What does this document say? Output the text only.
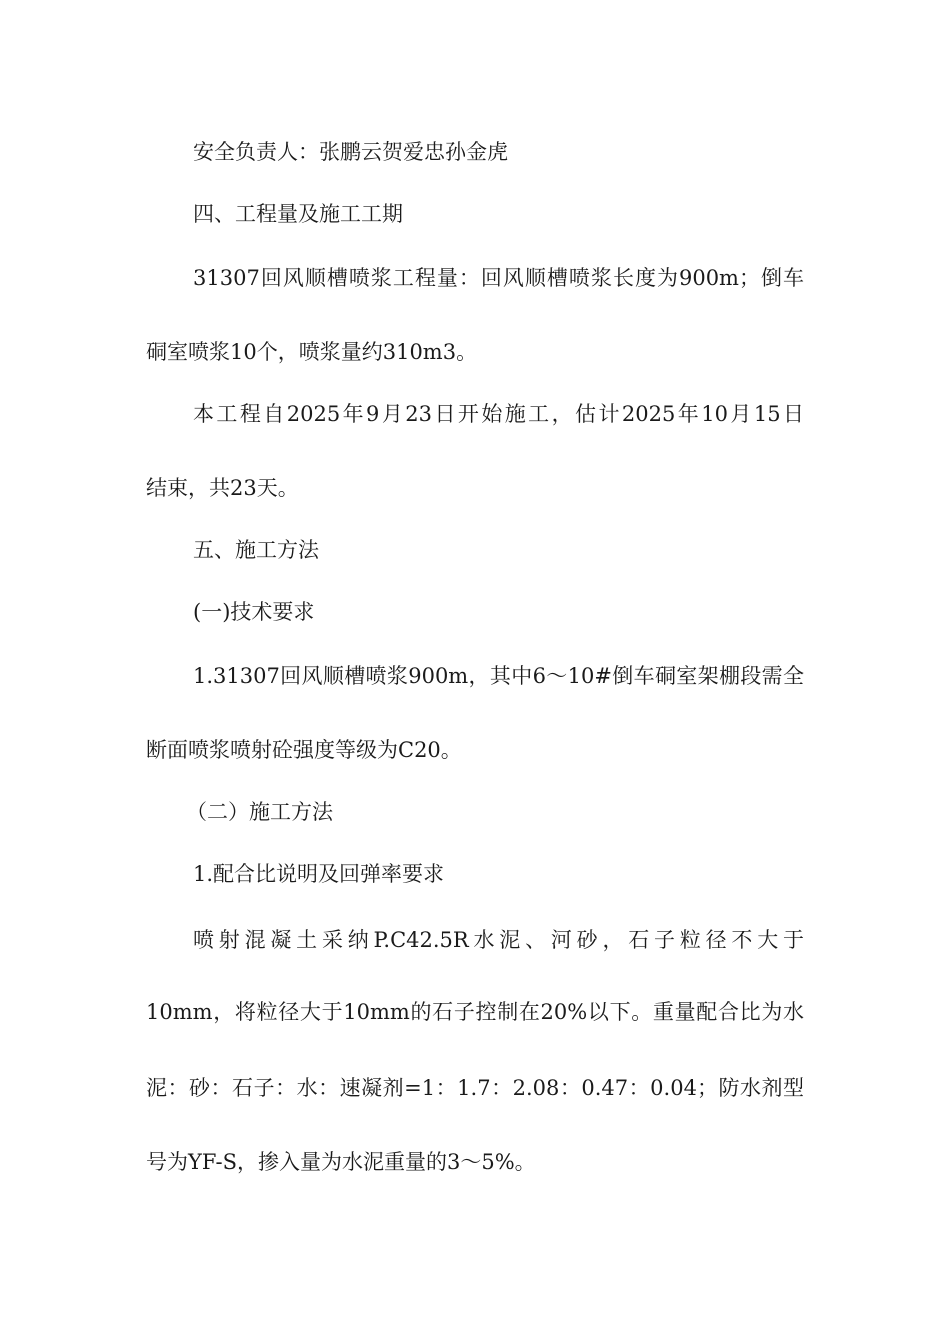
安全负责人：张鹏云贺爱忠孙金虎

四、工程量及施工工期

31307回风顺槽喷浆工程量：回风顺槽喷浆长度为900m；倒车

硐室喷浆10个，喷浆量约310m3。

本工程自2025年9月23日开始施工，估计2025年10月15日

结束，共23天。

五、施工方法

(一)技术要求

1.31307回风顺槽喷浆900m，其中6～10#倒车硐室架棚段需全

断面喷浆喷射砼强度等级为C20。

（二）施工方法

1.配合比说明及回弹率要求

喷射混凝土采纳P.C42.5R水泥、河砂，石子粒径不大于

10mm，将粒径大于10mm的石子控制在20%以下。重量配合比为水

泥：砂：石子：水：速凝剂=1：1.7：2.08：0.47：0.04；防水剂型

号为YF-S，掺入量为水泥重量的3～5%。
